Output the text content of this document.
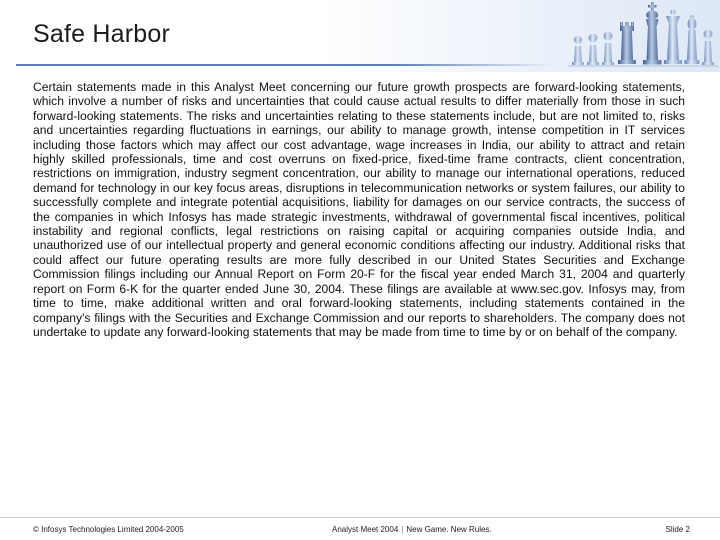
Safe Harbor
Certain statements made in this Analyst Meet concerning our future growth prospects are forward-looking statements, which involve a number of risks and uncertainties that could cause actual results to differ materially from those in such forward-looking statements. The risks and uncertainties relating to these statements include, but are not limited to, risks and uncertainties regarding fluctuations in earnings, our ability to manage growth, intense competition in IT services including those factors which may affect our cost advantage, wage increases in India, our ability to attract and retain highly skilled professionals, time and cost overruns on fixed-price, fixed-time frame contracts, client concentration, restrictions on immigration, industry segment concentration, our ability to manage our international operations, reduced demand for technology in our key focus areas, disruptions in telecommunication networks or system failures, our ability to successfully complete and integrate potential acquisitions, liability for damages on our service contracts, the success of the companies in which Infosys has made strategic investments, withdrawal of governmental fiscal incentives, political instability and regional conflicts, legal restrictions on raising capital or acquiring companies outside India, and unauthorized use of our intellectual property and general economic conditions affecting our industry. Additional risks that could affect our future operating results are more fully described in our United States Securities and Exchange Commission filings including our Annual Report on Form 20-F for the fiscal year ended March 31, 2004 and quarterly report on Form 6-K for the quarter ended June 30, 2004. These filings are available at www.sec.gov. Infosys may, from time to time, make additional written and oral forward-looking statements, including statements contained in the company's filings with the Securities and Exchange Commission and our reports to shareholders. The company does not undertake to update any forward-looking statements that may be made from time to time by or on behalf of the company.
© Infosys Technologies Limited 2004-2005	Analyst Meet 2004 | New Game. New Rules.	Slide 2
